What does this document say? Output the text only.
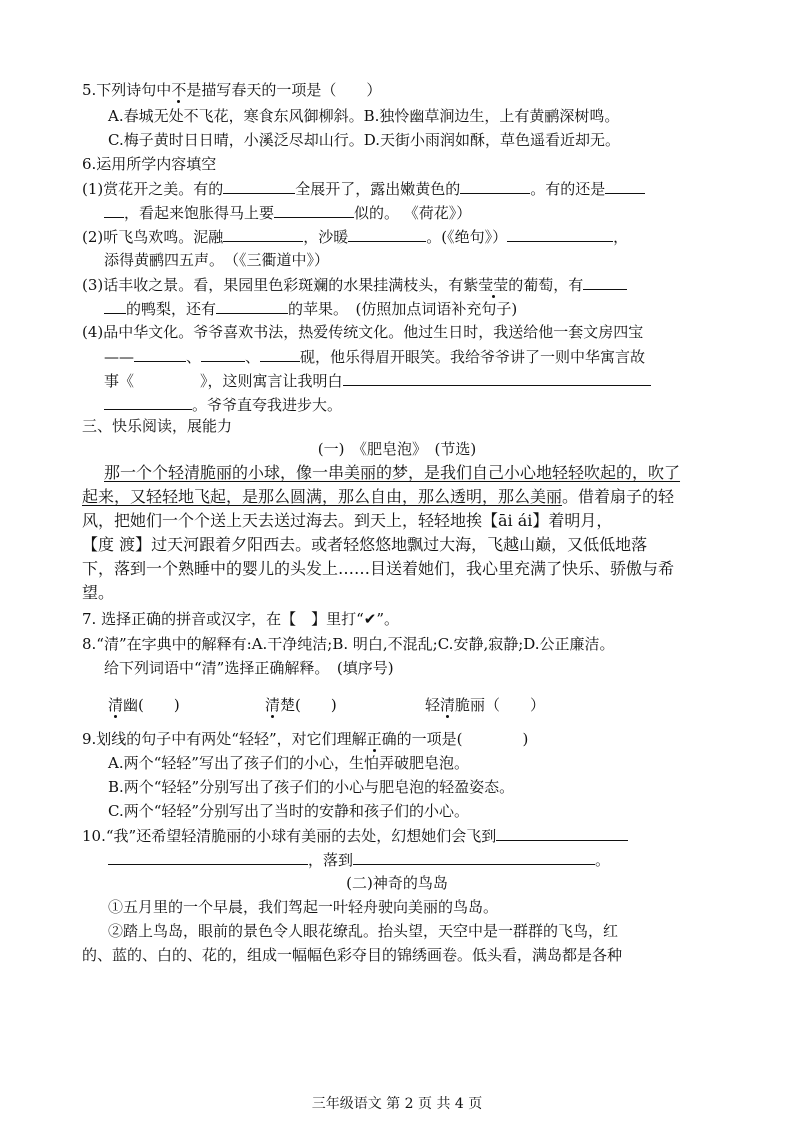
5.下列诗句中不是描写春天的一项是（　　）
A.春城无处不飞花，寒食东风御柳斜。B.独怜幽草涧边生，上有黄鹂深树鸣。
C.梅子黄时日日晴，小溪泛尽却山行。D.天街小雨润如酥，草色遥看近却无。
6.运用所学内容填空
(1)赏花开之美。有的	全展开了，露出嫩黄色的	。有的还是
，看起来饱胀得马上要	似的。 《荷花》）
(2)听飞鸟欢鸣。泥融	，沙暖	。(《绝句》）	，
添得黄鹂四五声。　（《三衢道中》）
(3)话丰收之景。看，果园里色彩斑斓的水果挂满枝头，有紫莹莹的葡萄，有
的鸭梨，还有	的苹果。　(仿照加点词语补充句子)
(4)品中华文化。爷爷喜欢书法，热爱传统文化。他过生日时，我送给他一套文房四宝
——	、	、	砚，他乐得眉开眼笑。我给爷爷讲了一则中华寓言故
事《	》，这则寓言让我明白
。爷爷直夸我进步大。
三、快乐阅读，展能力
(一)　《肥皂泡》　(节选)
那一个个轻清脆丽的小球，像一串美丽的梦，是我们自己小心地轻轻吹起的，吹了
起来，又轻轻地飞起，是那么圆满，那么自由，那么透明，那么美丽。借着扇子的轻
风，把她们一个个送上天去送过海去。到天上，轻轻地挨【āi ái】着明月，
【度 渡】过天河跟着夕阳西去。或者轻悠悠地飘过大海，飞越山巅，又低低地落
下，落到一个熟睡中的婴儿的头发上……目送着她们，我心里充满了快乐、骄傲与希
望。
7. 选择正确的拼音或汉字，在【　】里打“✔”。
8.“清”在字典中的解释有:A.干净纯洁;B. 明白,不混乱;C.安静,寂静;D.公正廉洁。
给下列词语中“清”选择正确解释。　(填序号)
清幽(　　)	清楚(　　)	轻清脆丽（　　）
9.划线的句子中有两处“轻轻”，对它们理解正确的一项是(　　　　)
A.两个“轻轻”写出了孩子们的小心，生怕弄破肥皂泡。
B.两个“轻轻”分别写出了孩子们的小心与肥皂泡的轻盈姿态。
C.两个“轻轻”分别写出了当时的安静和孩子们的小心。
10.“我”还希望轻清脆丽的小球有美丽的去处，幻想她们会飞到
，落到	。
(二)神奇的鸟岛
①五月里的一个早晨，我们驾起一叶轻舟驶向美丽的鸟岛。
②踏上鸟岛，眼前的景色令人眼花缭乱。抬头望，天空中是一群群的飞鸟，红
的、蓝的、白的、花的，组成一幅幅色彩夺目的锦绣画卷。低头看，满岛都是各种
三年级语文 第 2 页 共 4 页
